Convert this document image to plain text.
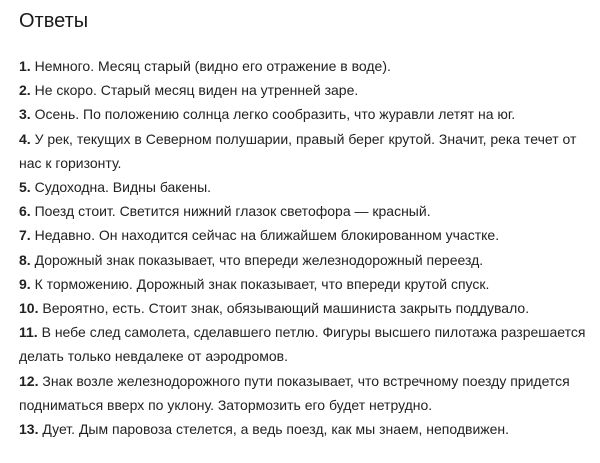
Ответы
1. Немного. Месяц старый (видно его отражение в воде).
2. Не скоро. Старый месяц виден на утренней заре.
3. Осень. По положению солнца легко сообразить, что журавли летят на юг.
4. У рек, текущих в Северном полушарии, правый берег крутой. Значит, река течет от нас к горизонту.
5. Судоходна. Видны бакены.
6. Поезд стоит. Светится нижний глазок светофора — красный.
7. Недавно. Он находится сейчас на ближайшем блокированном участке.
8. Дорожный знак показывает, что впереди железнодорожный переезд.
9. К торможению. Дорожный знак показывает, что впереди крутой спуск.
10. Вероятно, есть. Стоит знак, обязывающий машиниста закрыть поддувало.
11. В небе след самолета, сделавшего петлю. Фигуры высшего пилотажа разрешается делать только невдалеке от аэродромов.
12. Знак возле железнодорожного пути показывает, что встречному поезду придется подниматься вверх по уклону. Затормозить его будет нетрудно.
13. Дует. Дым паровоза стелется, а ведь поезд, как мы знаем, неподвижен.
